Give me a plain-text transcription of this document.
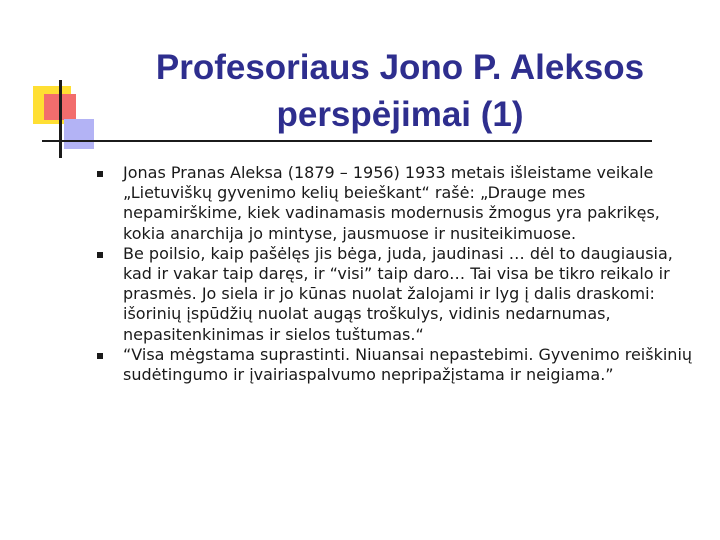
Profesoriaus Jono P. Aleksos perspėjimai (1)
Jonas Pranas Aleksa (1879 – 1956) 1933 metais išleistame veikale „Lietuviškų gyvenimo kelių beieškant“ rašė: „Drauge mes nepamirškime, kiek vadinamasis modernusis žmogus yra pakrikęs, kokia anarchija jo mintyse, jausmuose ir nusiteikimuose.
Be poilsio, kaip pašėlęs jis bėga, juda, jaudinasi … dėl to daugiausia, kad ir vakar taip daręs, ir “visi” taip daro… Tai visa be tikro reikalo ir prasmės. Jo siela ir jo kūnas nuolat žalojami ir lyg į dalis draskomi: išorinių įspūdžių nuolat augąs troškulys, vidinis nedarnumas, nepasitenkinimas ir sielos tuštumas.“
“Visa mėgstama suprastinti. Niuansai nepastebimi. Gyvenimo reiškinių sudėtingumo ir įvairiaspalvumo nepripažįstama ir neigiama.”
